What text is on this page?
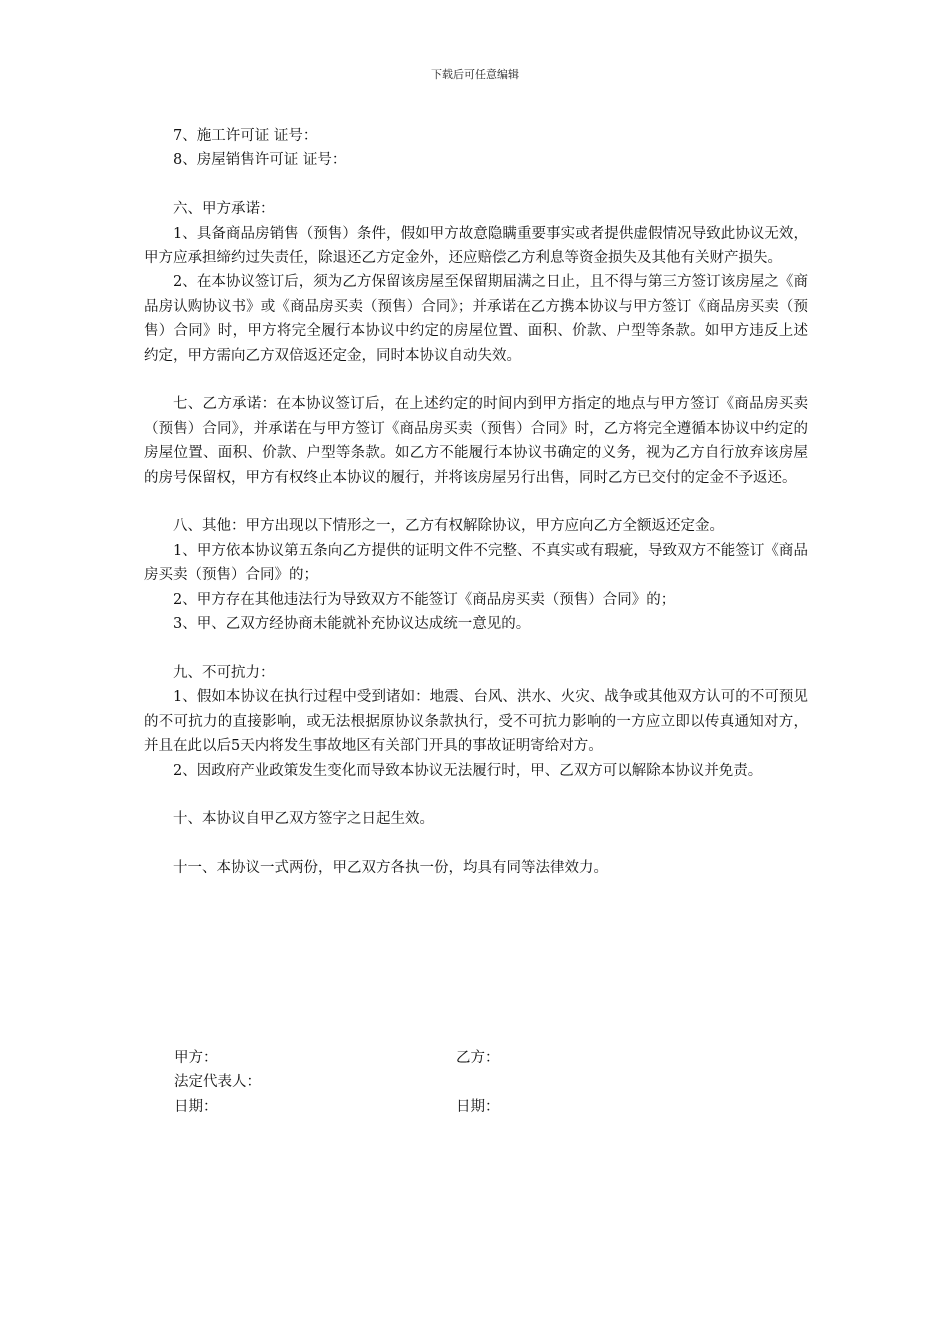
下载后可任意编辑

7、施工许可证 证号：

8、房屋销售许可证 证号：

六、甲方承诺：

1、具备商品房销售（预售）条件，假如甲方故意隐瞒重要事实或者提供虚假情况导致此协议无效，甲方应承担缔约过失责任，除退还乙方定金外，还应赔偿乙方利息等资金损失及其他有关财产损失。

2、在本协议签订后，须为乙方保留该房屋至保留期届满之日止，且不得与第三方签订该房屋之《商品房认购协议书》或《商品房买卖（预售）合同》；并承诺在乙方携本协议与甲方签订《商品房买卖（预售）合同》时，甲方将完全履行本协议中约定的房屋位置、面积、价款、户型等条款。如甲方违反上述约定，甲方需向乙方双倍返还定金，同时本协议自动失效。

七、乙方承诺：在本协议签订后，在上述约定的时间内到甲方指定的地点与甲方签订《商品房买卖（预售）合同》，并承诺在与甲方签订《商品房买卖（预售）合同》时，乙方将完全遵循本协议中约定的房屋位置、面积、价款、户型等条款。如乙方不能履行本协议书确定的义务，视为乙方自行放弃该房屋的房号保留权，甲方有权终止本协议的履行，并将该房屋另行出售，同时乙方已交付的定金不予返还。

八、其他：甲方出现以下情形之一，乙方有权解除协议，甲方应向乙方全额返还定金。

1、甲方依本协议第五条向乙方提供的证明文件不完整、不真实或有瑕疵，导致双方不能签订《商品房买卖（预售）合同》的；

2、甲方存在其他违法行为导致双方不能签订《商品房买卖（预售）合同》的；

3、甲、乙双方经协商未能就补充协议达成统一意见的。

九、不可抗力：

1、假如本协议在执行过程中受到诸如：地震、台风、洪水、火灾、战争或其他双方认可的不可预见的不可抗力的直接影响，或无法根据原协议条款执行，受不可抗力影响的一方应立即以传真通知对方，并且在此以后5天内将发生事故地区有关部门开具的事故证明寄给对方。

2、因政府产业政策发生变化而导致本协议无法履行时，甲、乙双方可以解除本协议并免责。

十、本协议自甲乙双方签字之日起生效。

十一、本协议一式两份，甲乙双方各执一份，均具有同等法律效力。

甲方：	乙方：
法定代表人：
日期：	日期：
